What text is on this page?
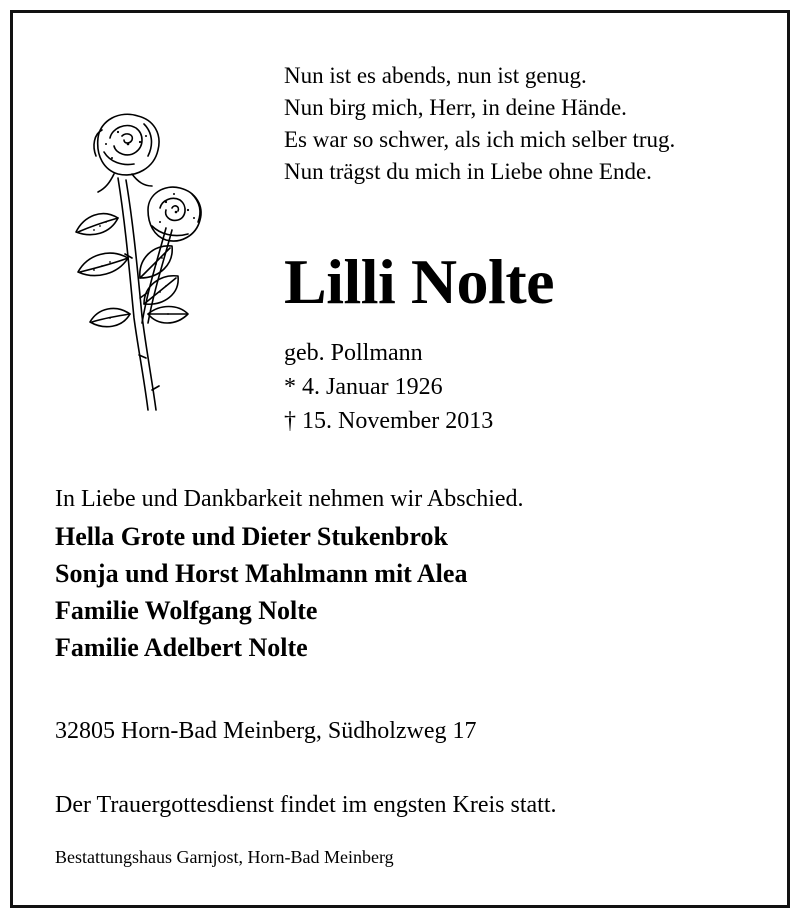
Nun ist es abends, nun ist genug.
Nun birg mich, Herr, in deine Hände.
Es war so schwer, als ich mich selber trug.
Nun trägst du mich in Liebe ohne Ende.
Lilli Nolte
geb. Pollmann
* 4. Januar 1926
† 15. November 2013
In Liebe und Dankbarkeit nehmen wir Abschied.
Hella Grote und Dieter Stukenbrok
Sonja und Horst Mahlmann mit Alea
Familie Wolfgang Nolte
Familie Adelbert Nolte
32805 Horn-Bad Meinberg, Südholzweg 17
Der Trauergottesdienst findet im engsten Kreis statt.
Bestattungshaus Garnjost, Horn-Bad Meinberg
